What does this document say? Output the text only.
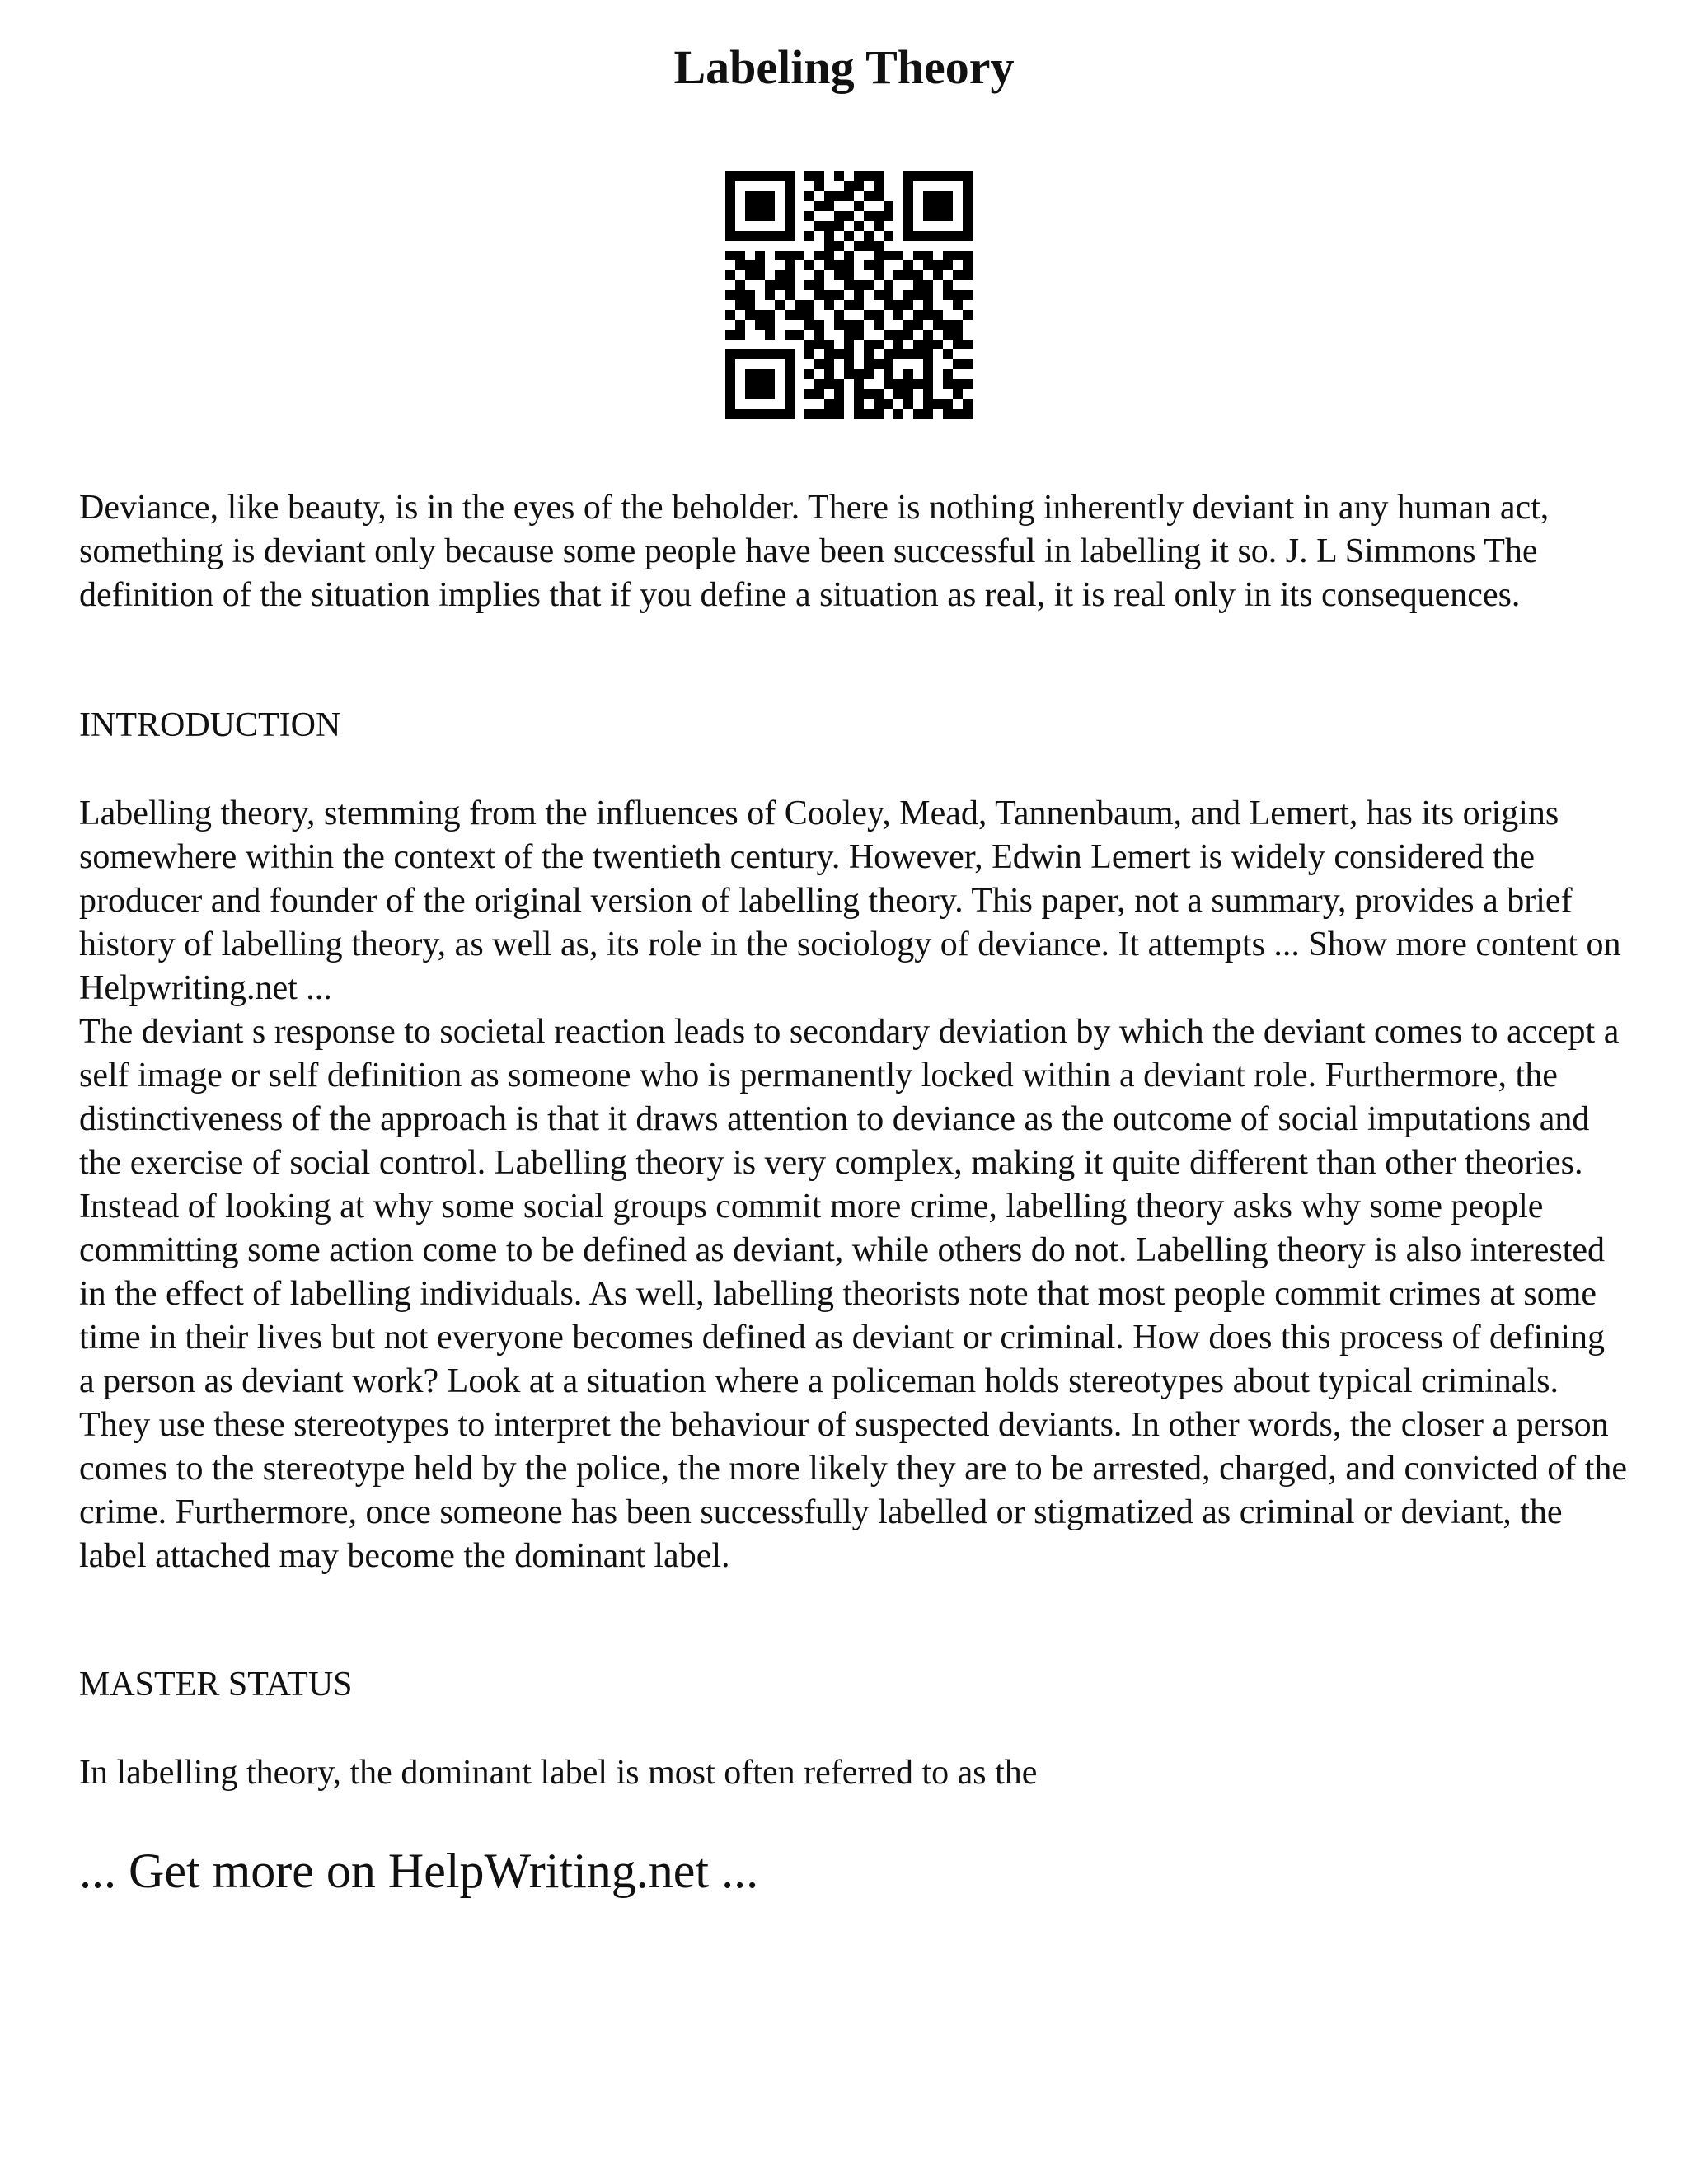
Labeling Theory

Deviance, like beauty, is in the eyes of the beholder. There is nothing inherently deviant in any human act, something is deviant only because some people have been successful in labelling it so. J. L Simmons The definition of the situation implies that if you define a situation as real, it is real only in its consequences.

INTRODUCTION

Labelling theory, stemming from the influences of Cooley, Mead, Tannenbaum, and Lemert, has its origins somewhere within the context of the twentieth century. However, Edwin Lemert is widely considered the producer and founder of the original version of labelling theory. This paper, not a summary, provides a brief history of labelling theory, as well as, its role in the sociology of deviance. It attempts ... Show more content on Helpwriting.net ...

The deviant s response to societal reaction leads to secondary deviation by which the deviant comes to accept a self image or self definition as someone who is permanently locked within a deviant role. Furthermore, the distinctiveness of the approach is that it draws attention to deviance as the outcome of social imputations and the exercise of social control. Labelling theory is very complex, making it quite different than other theories. Instead of looking at why some social groups commit more crime, labelling theory asks why some people committing some action come to be defined as deviant, while others do not. Labelling theory is also interested in the effect of labelling individuals. As well, labelling theorists note that most people commit crimes at some time in their lives but not everyone becomes defined as deviant or criminal. How does this process of defining a person as deviant work? Look at a situation where a policeman holds stereotypes about typical criminals. They use these stereotypes to interpret the behaviour of suspected deviants. In other words, the closer a person comes to the stereotype held by the police, the more likely they are to be arrested, charged, and convicted of the crime. Furthermore, once someone has been successfully labelled or stigmatized as criminal or deviant, the label attached may become the dominant label.

MASTER STATUS

In labelling theory, the dominant label is most often referred to as the

... Get more on HelpWriting.net ...
